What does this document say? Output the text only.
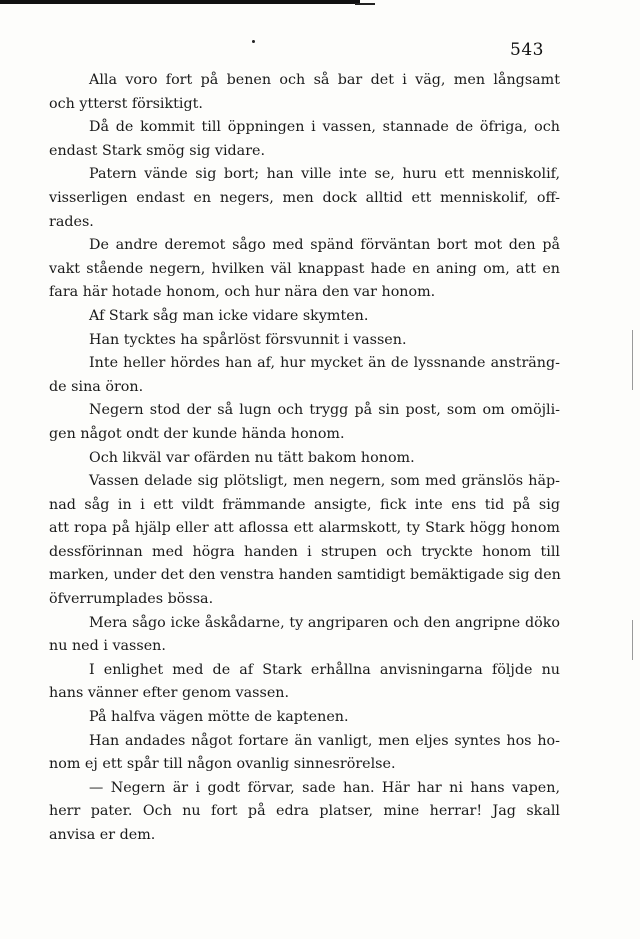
543
Alla voro fort på benen och så bar det i väg, men långsamt
och ytterst försiktigt.
Då de kommit till öppningen i vassen, stannade de öfriga, och
endast Stark smög sig vidare.
Patern vände sig bort; han ville inte se, huru ett menniskolif,
visserligen endast en negers, men dock alltid ett menniskolif, off-
rades.
De andre deremot sågo med spänd förväntan bort mot den på
vakt stående negern, hvilken väl knappast hade en aning om, att en
fara här hotade honom, och hur nära den var honom.
Af Stark såg man icke vidare skymten.
Han tycktes ha spårlöst försvunnit i vassen.
Inte heller hördes han af, hur mycket än de lyssnande ansträng-
de sina öron.
Negern stod der så lugn och trygg på sin post, som om omöjli-
gen något ondt der kunde hända honom.
Och likväl var ofärden nu tätt bakom honom.
Vassen delade sig plötsligt, men negern, som med gränslös häp-
nad såg in i ett vildt främmande ansigte, fick inte ens tid på sig
att ropa på hjälp eller att aflossa ett alarmskott, ty Stark högg honom
dessförinnan med högra handen i strupen och tryckte honom till
marken, under det den venstra handen samtidigt bemäktigade sig den
öfverrumplades bössa.
Mera sågo icke åskådarne, ty angriparen och den angripne döko
nu ned i vassen.
I enlighet med de af Stark erhållna anvisningarna följde nu
hans vänner efter genom vassen.
På halfva vägen mötte de kaptenen.
Han andades något fortare än vanligt, men eljes syntes hos ho-
nom ej ett spår till någon ovanlig sinnesrörelse.
— Negern är i godt förvar, sade han. Här har ni hans vapen,
herr pater. Och nu fort på edra platser, mine herrar! Jag skall
anvisa er dem.
